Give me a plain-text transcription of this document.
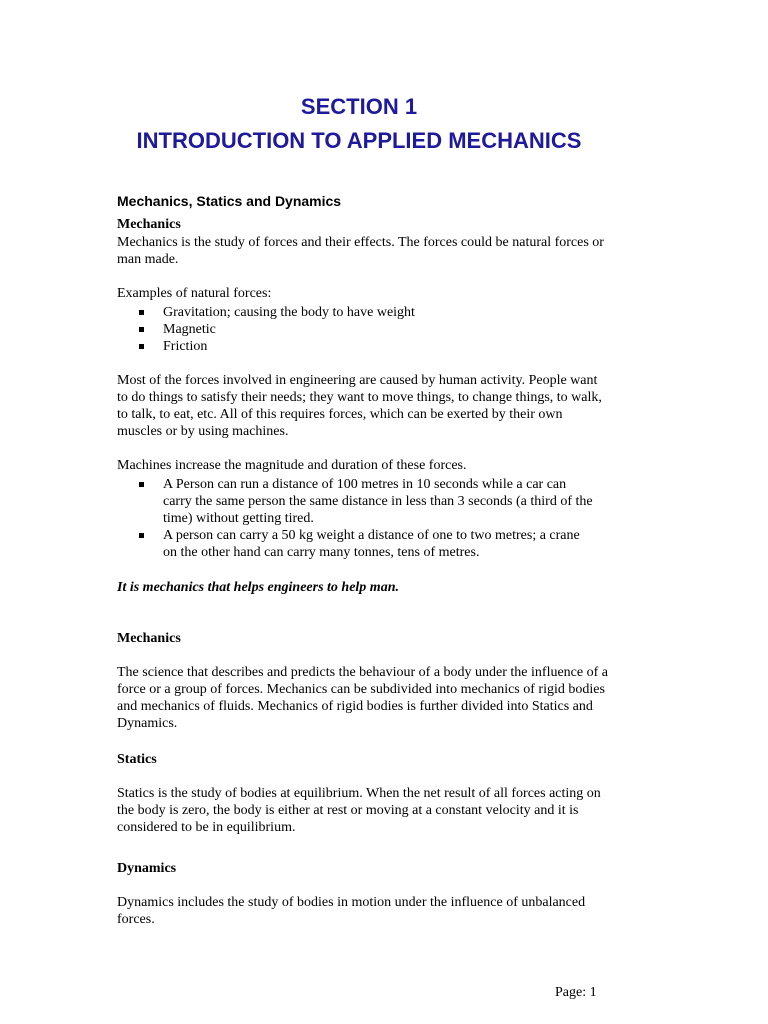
SECTION 1
INTRODUCTION TO APPLIED MECHANICS
Mechanics, Statics and Dynamics
Mechanics
Mechanics is the study of forces and their effects. The forces could be natural forces or man made.
Examples of natural forces:
Gravitation; causing the body to have weight
Magnetic
Friction
Most of the forces involved in engineering are caused by human activity. People want to do things to satisfy their needs; they want to move things, to change things, to walk, to talk, to eat, etc. All of this requires forces, which can be exerted by their own muscles or by using machines.
Machines increase the magnitude and duration of these forces.
A Person can run a distance of 100 metres in 10 seconds while a car can carry the same person the same distance in less than 3 seconds (a third of the time) without getting tired.
A person can carry a 50 kg weight a distance of one to two metres; a crane on the other hand can carry many tonnes, tens of metres.
It is mechanics that helps engineers to help man.
Mechanics
The science that describes and predicts the behaviour of a body under the influence of a force or a group of forces. Mechanics can be subdivided into mechanics of rigid bodies and mechanics of fluids. Mechanics of rigid bodies is further divided into Statics and Dynamics.
Statics
Statics is the study of bodies at equilibrium. When the net result of all forces acting on the body is zero, the body is either at rest or moving at a constant velocity and it is considered to be in equilibrium.
Dynamics
Dynamics includes the study of bodies in motion under the influence of unbalanced forces.
Page: 1
